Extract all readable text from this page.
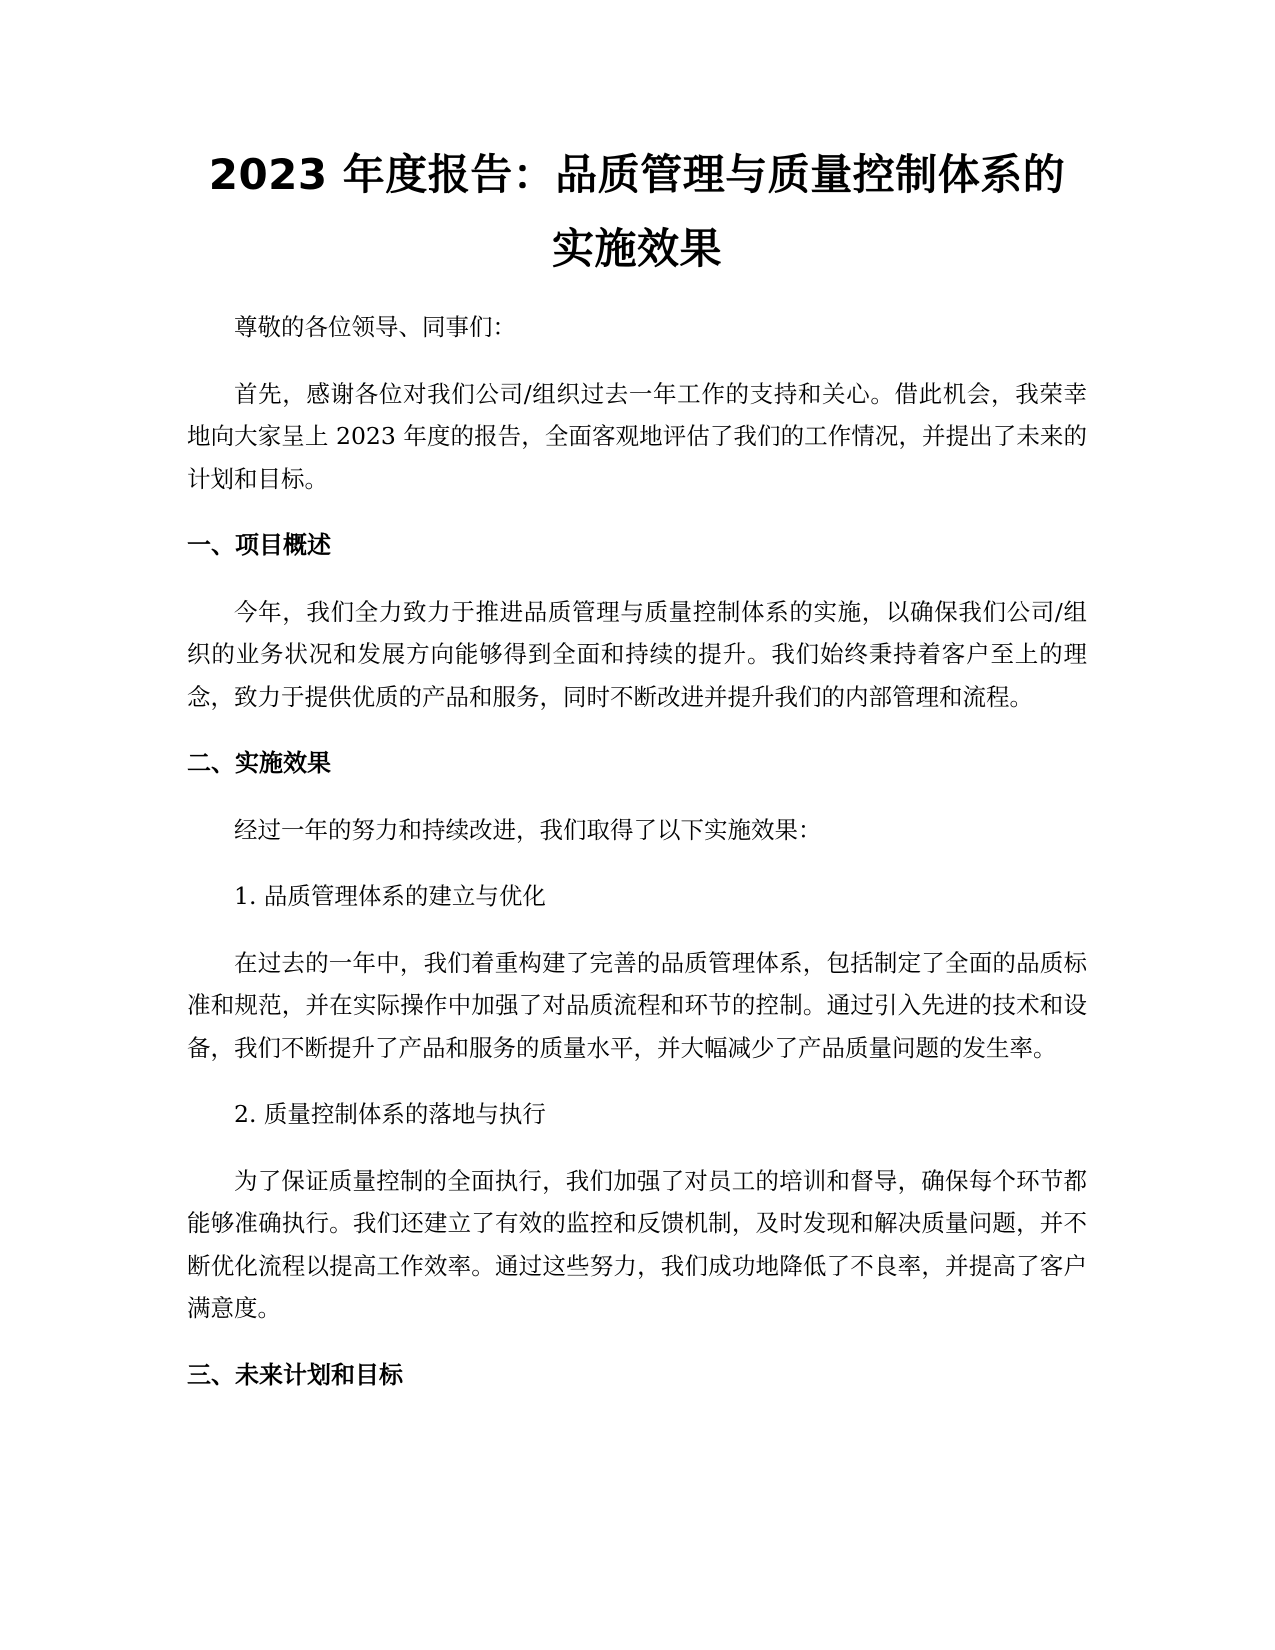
2023 年度报告：品质管理与质量控制体系的
实施效果

尊敬的各位领导、同事们：

首先，感谢各位对我们公司/组织过去一年工作的支持和关心。借此机会，我荣幸地向大家呈上 2023 年度的报告，全面客观地评估了我们的工作情况，并提出了未来的计划和目标。

一、项目概述

今年，我们全力致力于推进品质管理与质量控制体系的实施，以确保我们公司/组织的业务状况和发展方向能够得到全面和持续的提升。我们始终秉持着客户至上的理念，致力于提供优质的产品和服务，同时不断改进并提升我们的内部管理和流程。

二、实施效果

经过一年的努力和持续改进，我们取得了以下实施效果：

1. 品质管理体系的建立与优化

在过去的一年中，我们着重构建了完善的品质管理体系，包括制定了全面的品质标准和规范，并在实际操作中加强了对品质流程和环节的控制。通过引入先进的技术和设备，我们不断提升了产品和服务的质量水平，并大幅减少了产品质量问题的发生率。

2. 质量控制体系的落地与执行

为了保证质量控制的全面执行，我们加强了对员工的培训和督导，确保每个环节都能够准确执行。我们还建立了有效的监控和反馈机制，及时发现和解决质量问题，并不断优化流程以提高工作效率。通过这些努力，我们成功地降低了不良率，并提高了客户满意度。

三、未来计划和目标
